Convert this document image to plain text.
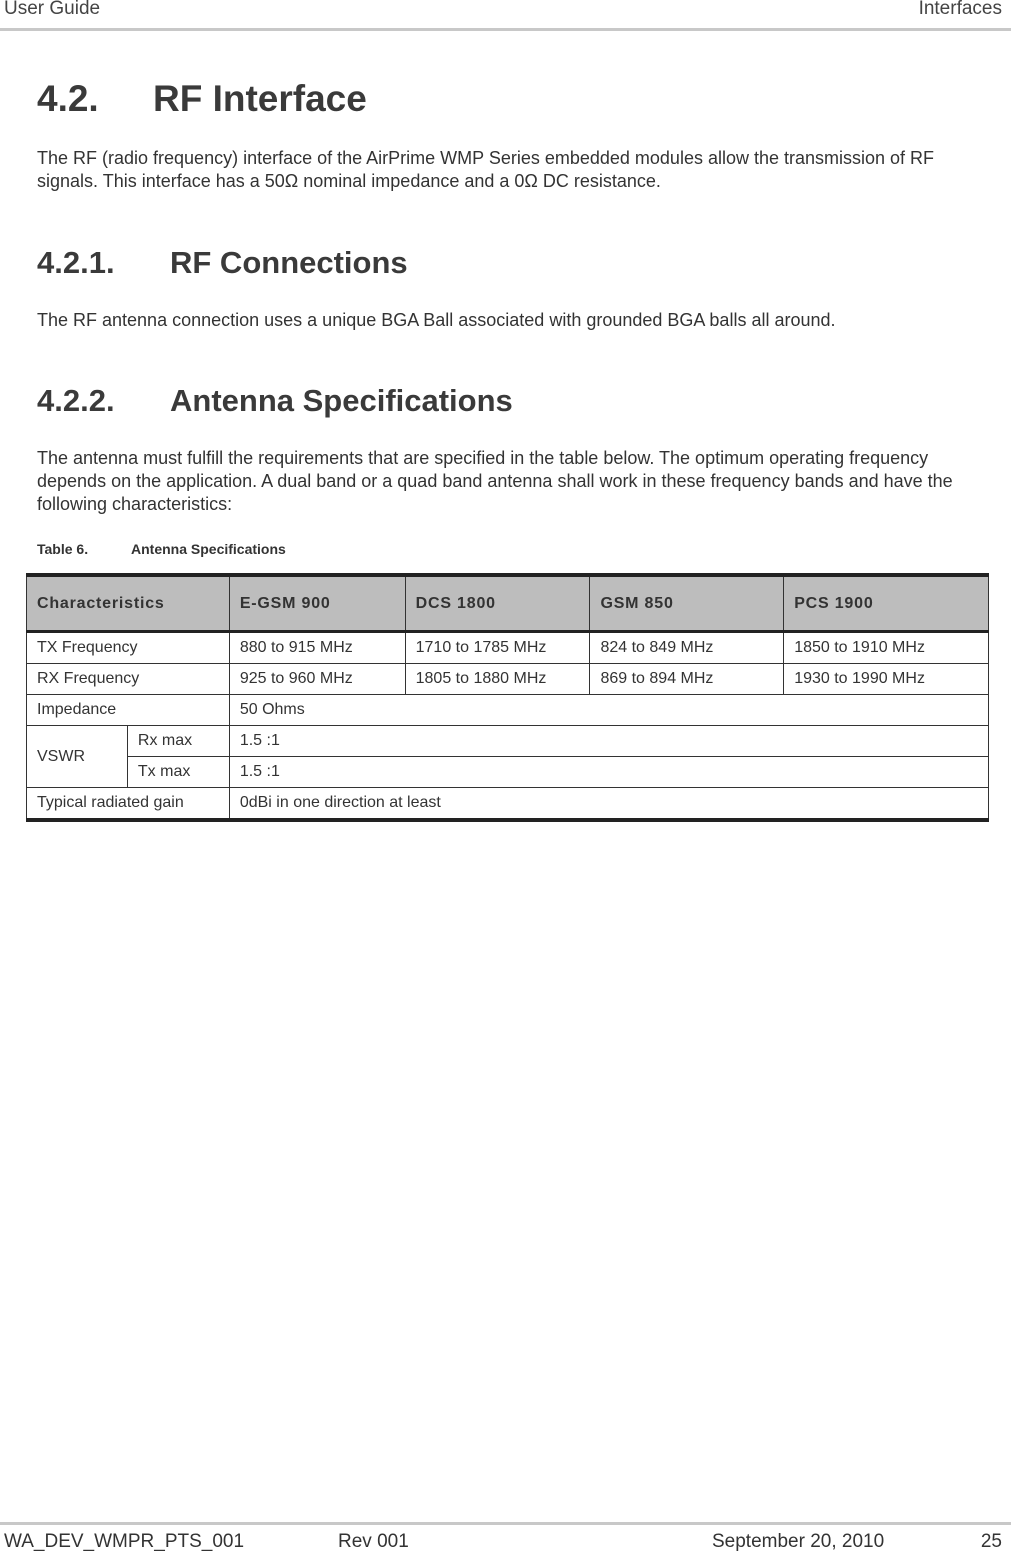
User Guide	Interfaces
4.2. RF Interface
The RF (radio frequency) interface of the AirPrime WMP Series embedded modules allow the transmission of RF signals. This interface has a 50Ω nominal impedance and a 0Ω DC resistance.
4.2.1. RF Connections
The RF antenna connection uses a unique BGA Ball associated with grounded BGA balls all around.
4.2.2. Antenna Specifications
The antenna must fulfill the requirements that are specified in the table below. The optimum operating frequency depends on the application. A dual band or a quad band antenna shall work in these frequency bands and have the following characteristics:
Table 6.	Antenna Specifications
Characteristics		E-GSM 900	DCS 1800	GSM 850	PCS 1900
TX Frequency		880 to 915 MHz	1710 to 1785 MHz	824 to 849 MHz	1850 to 1910 MHz
RX Frequency		925 to 960 MHz	1805 to 1880 MHz	869 to 894 MHz	1930 to 1990 MHz
Impedance		50 Ohms			
VSWR	Rx max	1.5 :1			
	Tx max	1.5 :1			
Typical radiated gain		0dBi in one direction at least			
WA_DEV_WMPR_PTS_001	Rev 001	September 20, 2010	25
